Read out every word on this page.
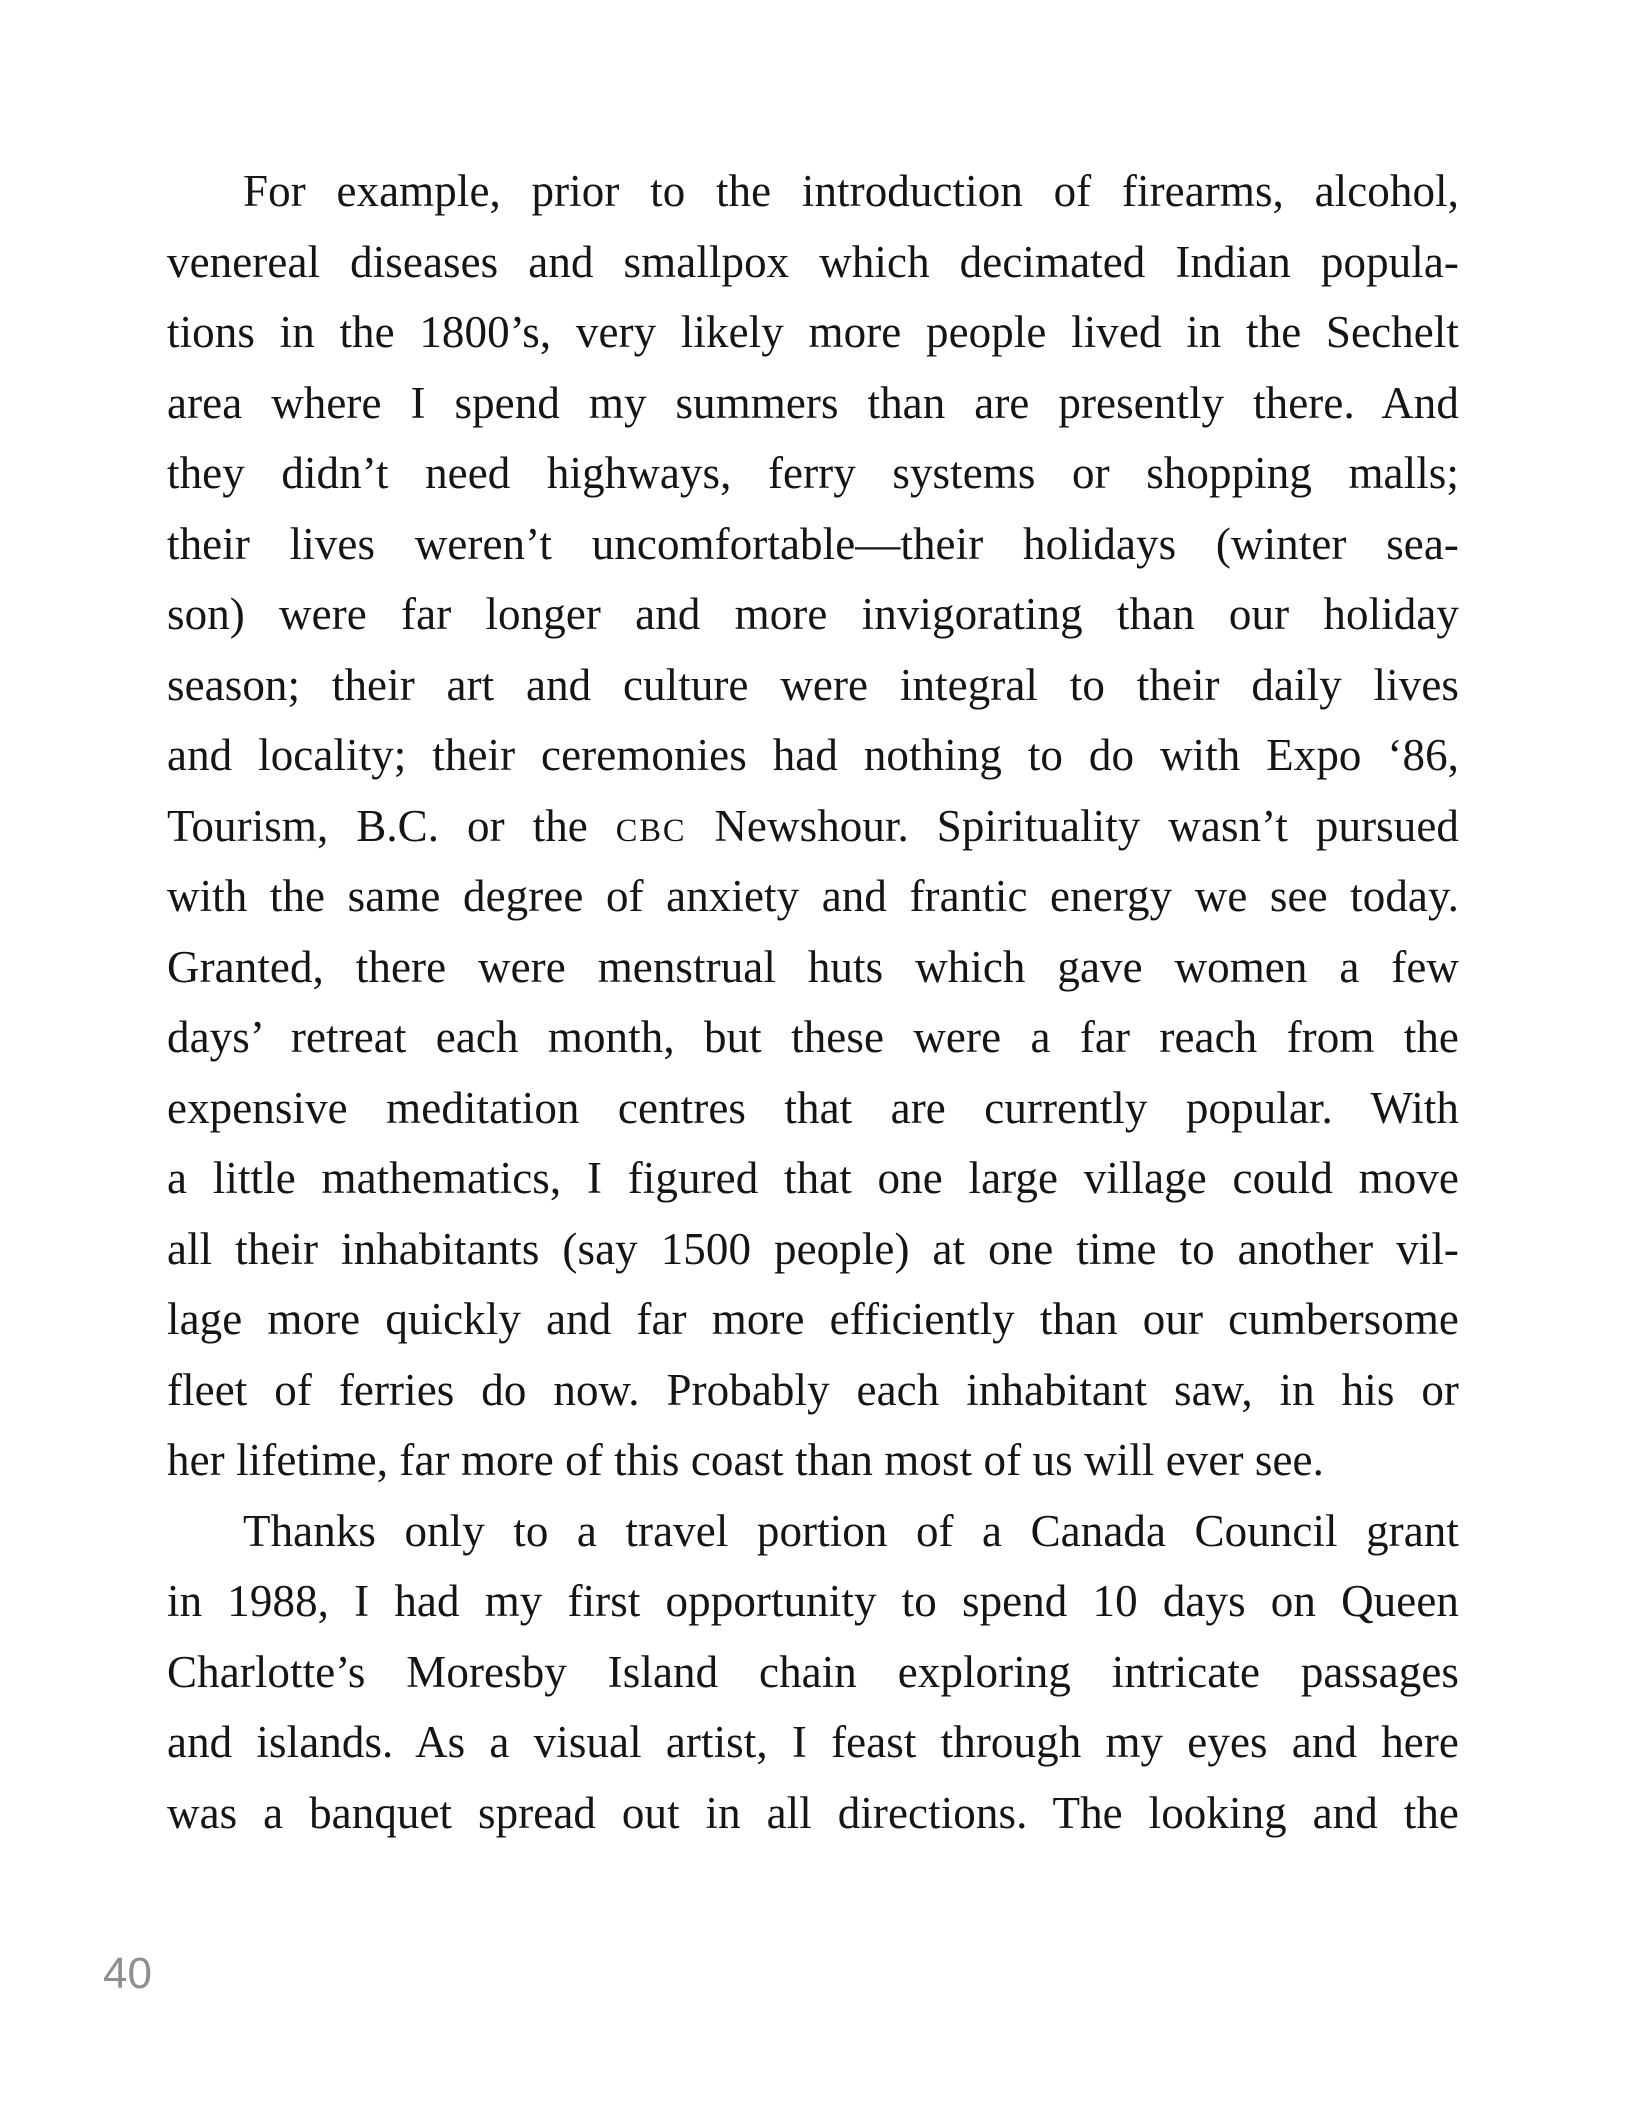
For example, prior to the introduction of firearms, alcohol,
venereal diseases and smallpox which decimated Indian popula-
tions in the 1800’s, very likely more people lived in the Sechelt
area where I spend my summers than are presently there. And
they didn’t need highways, ferry systems or shopping malls;
their lives weren’t uncomfortable—their holidays (winter sea-
son) were far longer and more invigorating than our holiday
season; their art and culture were integral to their daily lives
and locality; their ceremonies had nothing to do with Expo ‘86,
Tourism, B.C. or the CBC Newshour. Spirituality wasn’t pursued
with the same degree of anxiety and frantic energy we see today.
Granted, there were menstrual huts which gave women a few
days’ retreat each month, but these were a far reach from the
expensive meditation centres that are currently popular. With
a little mathematics, I figured that one large village could move
all their inhabitants (say 1500 people) at one time to another vil-
lage more quickly and far more efficiently than our cumbersome
fleet of ferries do now. Probably each inhabitant saw, in his or
her lifetime, far more of this coast than most of us will ever see.
Thanks only to a travel portion of a Canada Council grant
in 1988, I had my first opportunity to spend 10 days on Queen
Charlotte’s Moresby Island chain exploring intricate passages
and islands. As a visual artist, I feast through my eyes and here
was a banquet spread out in all directions. The looking and the
40
